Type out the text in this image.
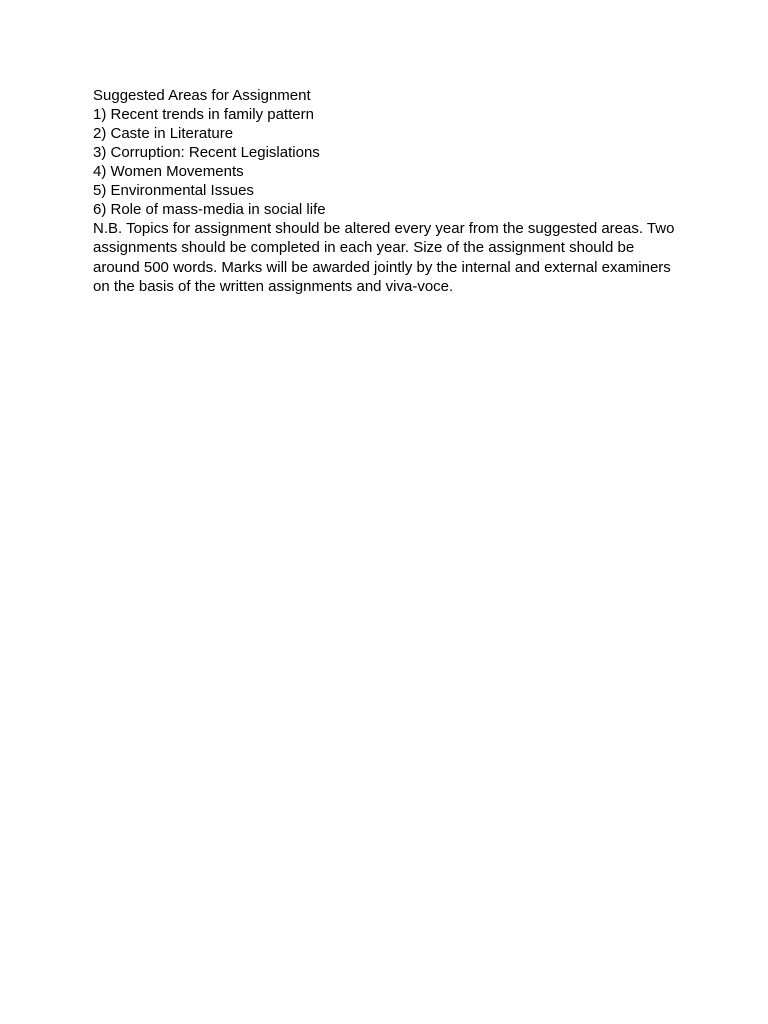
Suggested Areas for Assignment
1) Recent trends in family pattern
2) Caste in Literature
3) Corruption: Recent Legislations
4) Women Movements
5) Environmental Issues
6) Role of mass-media in social life
N.B. Topics for assignment should be altered every year from the suggested areas. Two assignments should be completed in each year. Size of the assignment should be around 500 words. Marks will be awarded jointly by the internal and external examiners on the basis of the written assignments and viva-voce.
